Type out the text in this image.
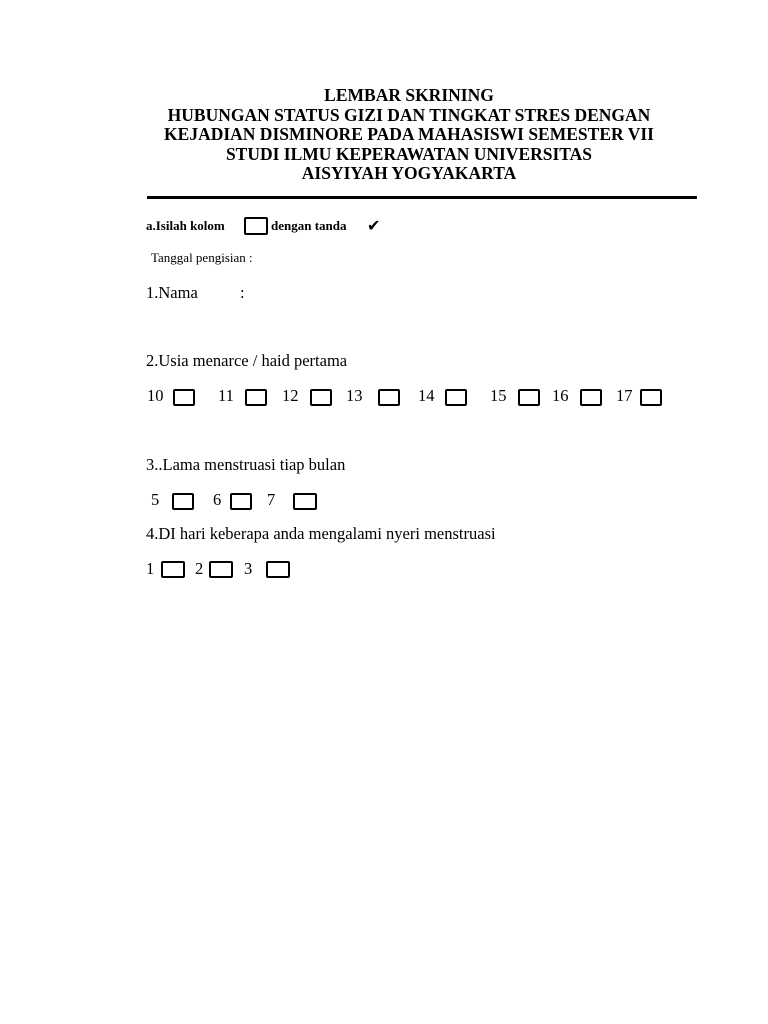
LEMBAR SKRINING
HUBUNGAN STATUS GIZI DAN TINGKAT STRES DENGAN
KEJADIAN DISMINORE PADA MAHASISWI SEMESTER VII
STUDI ILMU KEPERAWATAN UNIVERSITAS
AISYIYAH YOGYAKARTA
a.Isilah kolom	dengan tanda ✔
Tanggal pengisian :
1.Nama	:
2.Usia menarce / haid pertama
10	11	12	13	14	15	16	17
3..Lama menstruasi tiap bulan
5	6	7
4.DI hari keberapa anda mengalami nyeri menstruasi
1 2 3
